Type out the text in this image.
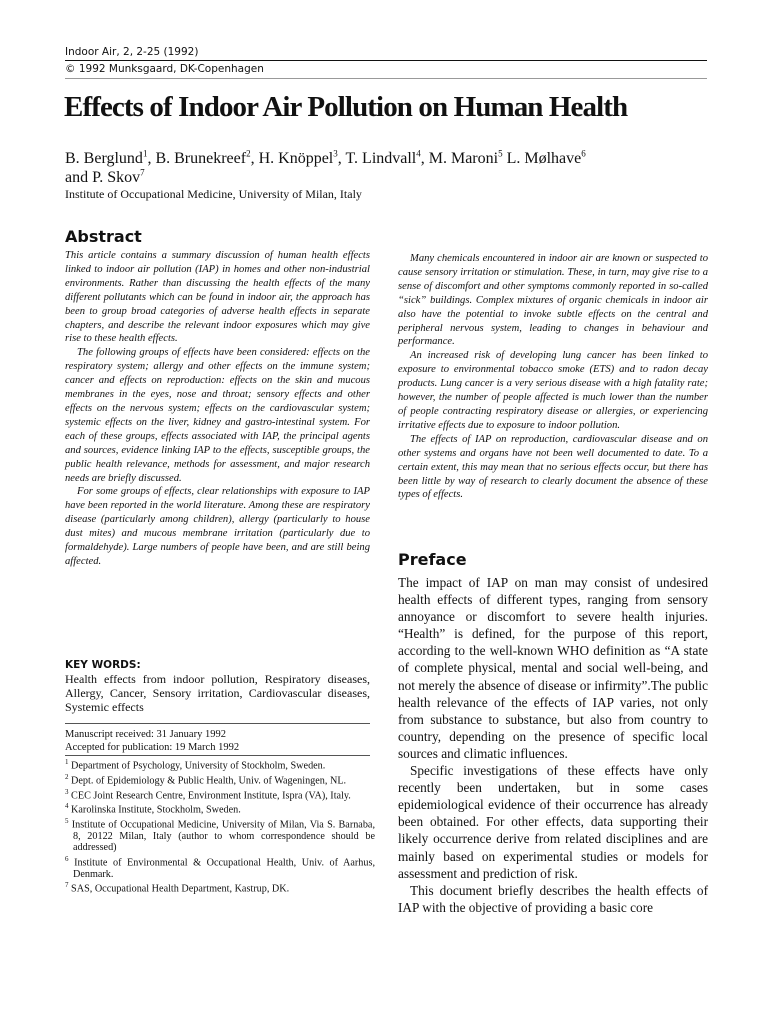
Indoor Air, 2, 2-25 (1992)
© 1992 Munksgaard, DK-Copenhagen
Effects of Indoor Air Pollution on Human Health
B. Berglund$^1$, B. Brunekreef$^2$, H. Knöppel$^3$, T. Lindvall$^4$, M. Maroni$^5$ L. Mølhave$^6$
and P. Skov$^7$
Institute of Occupational Medicine, University of Milan, Italy
Abstract

This article contains a summary discussion of human health effects linked to indoor air pollution (IAP) in homes and other non-industrial environments. Rather than discussing the health effects of the many different pollutants which can be found in indoor air, the approach has been to group broad categories of adverse health effects in separate chapters, and describe the relevant indoor exposures which may give rise to these health effects.

The following groups of effects have been considered: effects on the respiratory system; allergy and other effects on the immune system; cancer and effects on reproduction: effects on the skin and mucous membranes in the eyes, nose and throat; sensory effects and other effects on the nervous system; effects on the cardiovascular system; systemic effects on the liver, kidney and gastro-intestinal system. For each of these groups, effects associated with IAP, the principal agents and sources, evidence linking IAP to the effects, susceptible groups, the public health relevance, methods for assessment, and major research needs are briefly discussed.

For some groups of effects, clear relationships with exposure to IAP have been reported in the world literature. Among these are respiratory disease (particularly among children), allergy (particularly to house dust mites) and mucous membrane irritation (particularly due to formaldehyde). Large numbers of people have been, and are still being affected.

Many chemicals encountered in indoor air are known or suspected to cause sensory irritation or stimulation. These, in turn, may give rise to a sense of discomfort and other symptoms commonly reported in so-called “sick” buildings. Complex mixtures of organic chemicals in indoor air also have the potential to invoke subtle effects on the central and peripheral nervous system, leading to changes in behaviour and performance.

An increased risk of developing lung cancer has been linked to exposure to environmental tobacco smoke (ETS) and to radon decay products. Lung cancer is a very serious disease with a high fatality rate; however, the number of people affected is much lower than the number of people contracting respiratory disease or allergies, or experiencing irritative effects due to exposure to indoor pollution.

The effects of IAP on reproduction, cardiovascular disease and on other systems and organs have not been well documented to date. To a certain extent, this may mean that no serious effects occur, but there has been little by way of research to clearly document the absence of these types of effects.

KEY WORDS:
Health effects from indoor pollution, Respiratory diseases, Allergy, Cancer, Sensory irritation, Cardiovascular diseases, Systemic effects
Manuscript received: 31 January 1992
Accepted for publication: 19 March 1992

$^1$ Department of Psychology, University of Stockholm, Sweden.

$^2$ Dept. of Epidemiology & Public Health, Univ. of Wageningen, NL.

$^3$ CEC Joint Research Centre, Environment Institute, Ispra (VA), Italy.

$^4$ Karolinska Institute, Stockholm, Sweden.

$^5$ Institute of Occupational Medicine, University of Milan, Via S. Barnaba, 8, 20122 Milan, Italy (author to whom correspondence should be addressed)

$^6$ Institute of Environmental & Occupational Health, Univ. of Aarhus, Denmark.

$^7$ SAS, Occupational Health Department, Kastrup, DK.

Preface

The impact of IAP on man may consist of undesired health effects of different types, ranging from sensory annoyance or discomfort to severe health injuries. “Health” is defined, for the purpose of this report, according to the well-known WHO definition as “A state of complete physical, mental and social well-being, and not merely the absence of disease or infirmity”.The public health relevance of the effects of IAP varies, not only from substance to substance, but also from country to country, depending on the presence of specific local sources and climatic influences.

Specific investigations of these effects have only recently been undertaken, but in some cases epidemiological evidence of their occurrence has already been obtained. For other effects, data supporting their likely occurrence derive from related disciplines and are mainly based on experimental studies or models for assessment and prediction of risk.

This document briefly describes the health effects of IAP with the objective of providing a basic core
